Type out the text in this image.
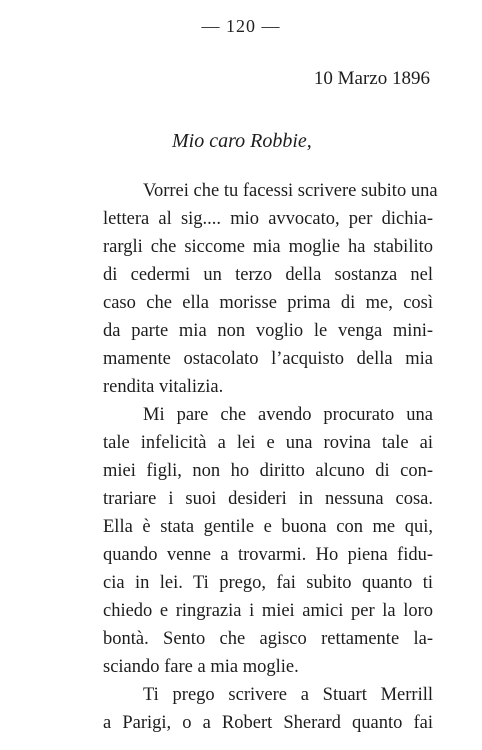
— 120 —
10 Marzo 1896
Mio caro Robbie,
Vorrei che tu facessi scrivere subito una
lettera al sig.... mio avvocato, per dichia-
rargli che siccome mia moglie ha stabilito
di cedermi un terzo della sostanza nel
caso che ella morisse prima di me, così
da parte mia non voglio le venga mini-
mamente ostacolato l’acquisto della mia
rendita vitalizia.
Mi pare che avendo procurato una
tale infelicità a lei e una rovina tale ai
miei figli, non ho diritto alcuno di con-
trariare i suoi desideri in nessuna cosa.
Ella è stata gentile e buona con me qui,
quando venne a trovarmi. Ho piena fidu-
cia in lei. Ti prego, fai subito quanto ti
chiedo e ringrazia i miei amici per la loro
bontà. Sento che agisco rettamente la-
sciando fare a mia moglie.
Ti prego scrivere a Stuart Merrill
a Parigi, o a Robert Sherard quanto fai
